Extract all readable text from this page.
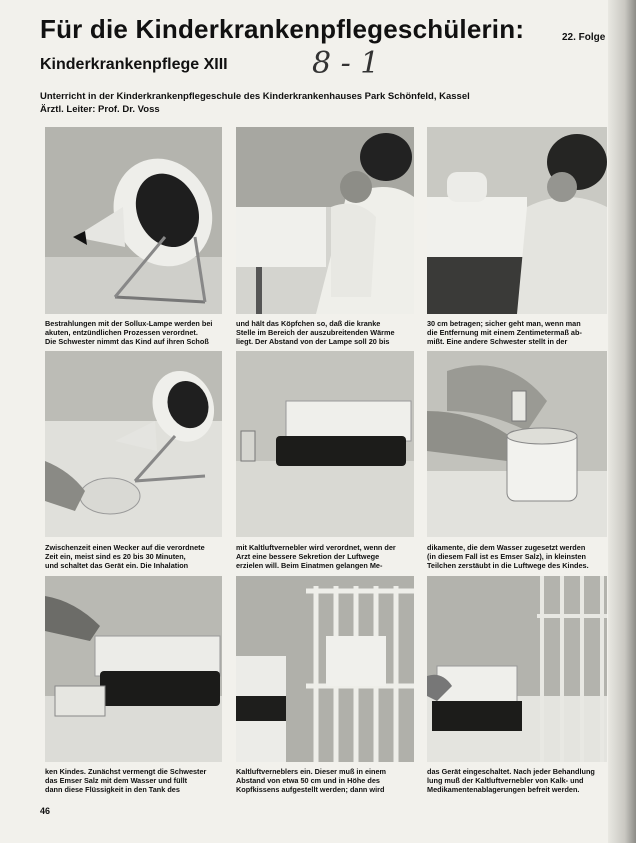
Für die Kinderkrankenpflegeschülerin:	22. Folge
Kinderkrankenpflege XIII	8 - 1
Unterricht in der Kinderkrankenpflegeschule des Kinderkrankenhauses Park Schönfeld, Kassel
Ärztl. Leiter: Prof. Dr. Voss
Bestrahlungen mit der Sollux-Lampe werden bei
akuten, entzündlichen Prozessen verordnet.
Die Schwester nimmt das Kind auf ihren Schoß
und hält das Köpfchen so, daß die kranke
Stelle im Bereich der auszubreitenden Wärme
liegt. Der Abstand von der Lampe soll 20 bis
30 cm betragen; sicher geht man, wenn man
die Entfernung mit einem Zentimetermaß ab-
mißt. Eine andere Schwester stellt in der
Zwischenzeit einen Wecker auf die verordnete
Zeit ein, meist sind es 20 bis 30 Minuten,
und schaltet das Gerät ein. Die Inhalation
mit Kaltluftvernebler wird verordnet, wenn der
Arzt eine bessere Sekretion der Luftwege
erzielen will. Beim Einatmen gelangen Me-
dikamente, die dem Wasser zugesetzt werden
(in diesem Fall ist es Emser Salz), in kleinsten
Teilchen zerstäubt in die Luftwege des Kindes.
ken Kindes. Zunächst vermengt die Schwester
das Emser Salz mit dem Wasser und füllt
dann diese Flüssigkeit in den Tank des
Kaltluftverneblers ein. Dieser muß in einem
Abstand von etwa 50 cm und in Höhe des
Kopfkissens aufgestellt werden; dann wird
das Gerät eingeschaltet. Nach jeder Behandlung
lung muß der Kaltluftvernebler von Kalk- und
Medikamentenablagerungen befreit werden.
46
